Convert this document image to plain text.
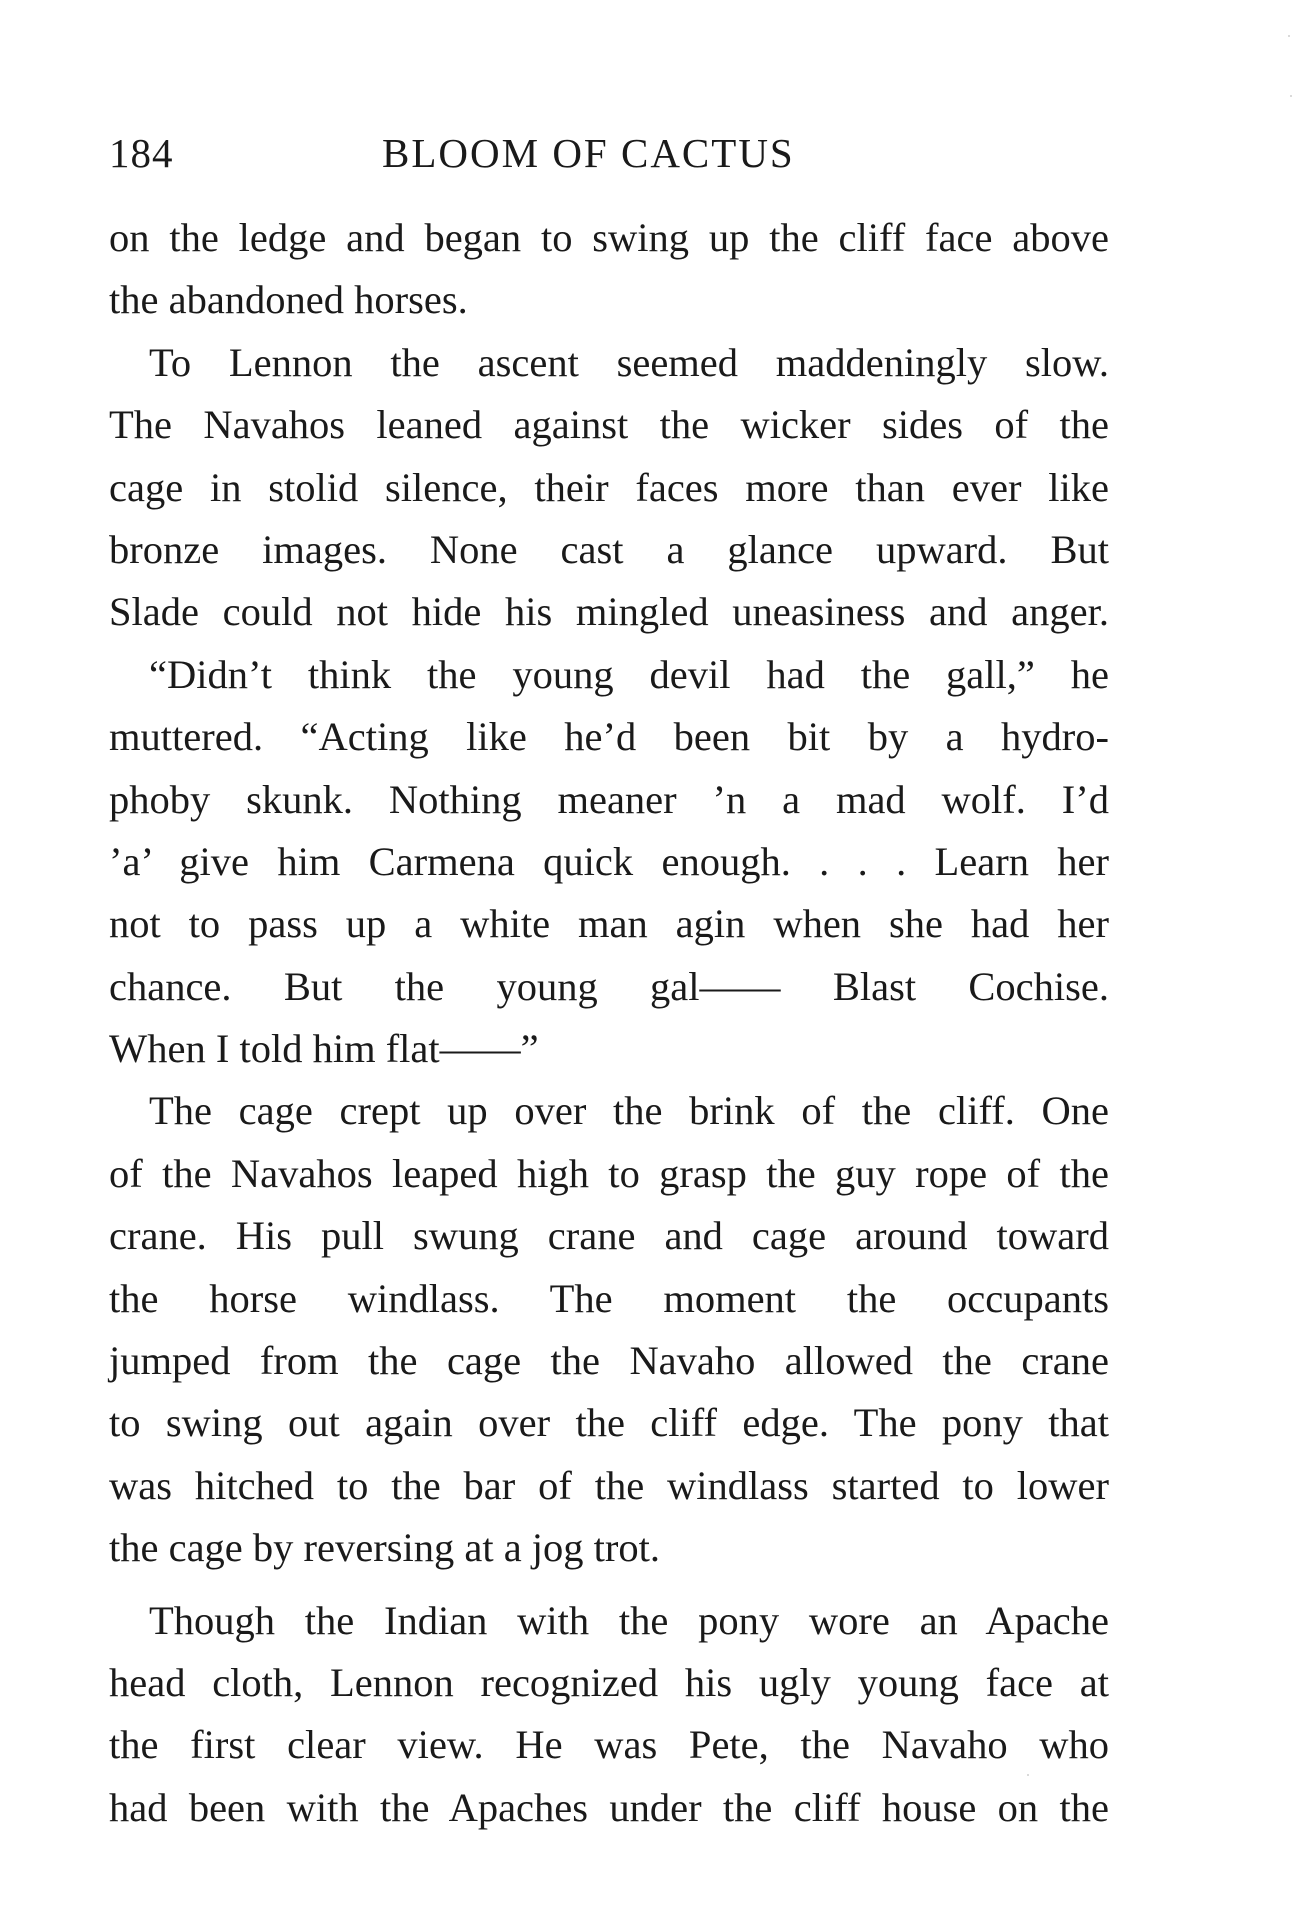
184	BLOOM OF CACTUS
on the ledge and began to swing up the cliff face above
the abandoned horses.
To Lennon the ascent seemed maddeningly slow.
The Navahos leaned against the wicker sides of the
cage in stolid silence, their faces more than ever like
bronze images. None cast a glance upward. But
Slade could not hide his mingled uneasiness and anger.
“Didn’t think the young devil had the gall,” he
muttered. “Acting like he’d been bit by a hydro-
phoby skunk. Nothing meaner ’n a mad wolf. I’d
’a’ give him Carmena quick enough. . . . Learn her
not to pass up a white man agin when she had her
chance. But the young gal—— Blast Cochise.
When I told him flat——”
The cage crept up over the brink of the cliff. One
of the Navahos leaped high to grasp the guy rope of the
crane. His pull swung crane and cage around toward
the horse windlass. The moment the occupants
jumped from the cage the Navaho allowed the crane
to swing out again over the cliff edge. The pony that
was hitched to the bar of the windlass started to lower
the cage by reversing at a jog trot.
Though the Indian with the pony wore an Apache
head cloth, Lennon recognized his ugly young face at
the first clear view. He was Pete, the Navaho who
had been with the Apaches under the cliff house on the
